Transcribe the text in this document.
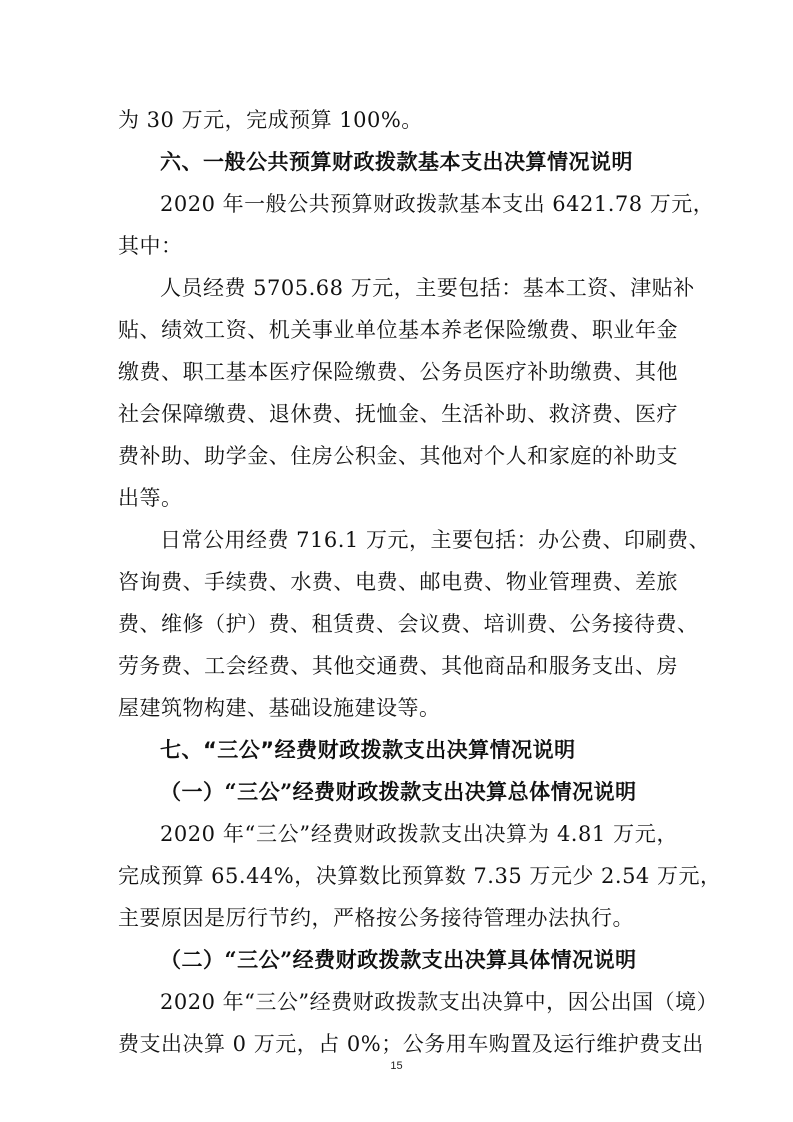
为 30 万元，完成预算 100%。
六、一般公共预算财政拨款基本支出决算情况说明
2020 年一般公共预算财政拨款基本支出 6421.78 万元，
其中：
人员经费 5705.68 万元，主要包括：基本工资、津贴补
贴、绩效工资、机关事业单位基本养老保险缴费、职业年金
缴费、职工基本医疗保险缴费、公务员医疗补助缴费、其他
社会保障缴费、退休费、抚恤金、生活补助、救济费、医疗
费补助、助学金、住房公积金、其他对个人和家庭的补助支
出等。
日常公用经费 716.1 万元，主要包括：办公费、印刷费、
咨询费、手续费、水费、电费、邮电费、物业管理费、差旅
费、维修（护）费、租赁费、会议费、培训费、公务接待费、
劳务费、工会经费、其他交通费、其他商品和服务支出、房
屋建筑物构建、基础设施建设等。
七、“三公”经费财政拨款支出决算情况说明
（一）“三公”经费财政拨款支出决算总体情况说明
2020 年“三公”经费财政拨款支出决算为 4.81 万元，
完成预算 65.44%，决算数比预算数 7.35 万元少 2.54 万元，
主要原因是厉行节约，严格按公务接待管理办法执行。
（二）“三公”经费财政拨款支出决算具体情况说明
2020 年“三公”经费财政拨款支出决算中，因公出国（境）
费支出决算 0 万元，占 0%；公务用车购置及运行维护费支出
15
